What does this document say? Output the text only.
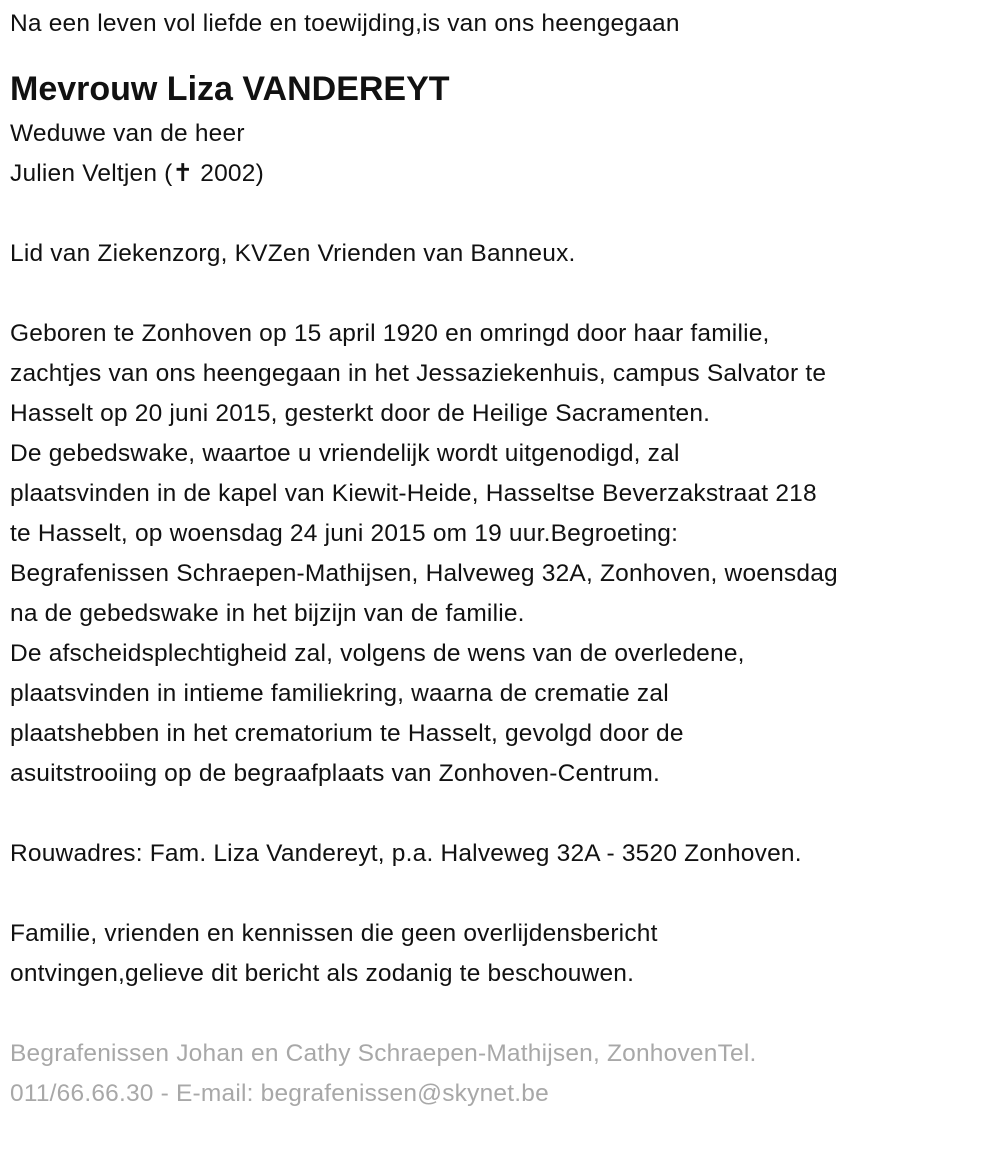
Na een leven vol liefde en toewijding,is van ons heengegaan
Mevrouw Liza VANDEREYT
Weduwe van de heer
Julien Veltjen (✝ 2002)
Lid van Ziekenzorg, KVZen Vrienden van Banneux.
Geboren te Zonhoven op 15 april 1920 en omringd door haar familie,
zachtjes van ons heengegaan in het Jessaziekenhuis, campus Salvator te
Hasselt op 20 juni 2015, gesterkt door de Heilige Sacramenten.
De gebedswake, waartoe u vriendelijk wordt uitgenodigd, zal
plaatsvinden in de kapel van Kiewit-Heide, Hasseltse Beverzakstraat 218
te Hasselt, op woensdag 24 juni 2015 om 19 uur.Begroeting:
Begrafenissen Schraepen-Mathijsen, Halveweg 32A, Zonhoven, woensdag
na de gebedswake in het bijzijn van de familie.
De afscheidsplechtigheid zal, volgens de wens van de overledene,
plaatsvinden in intieme familiekring, waarna de crematie zal
plaatshebben in het crematorium te Hasselt, gevolgd door de
asuitstrooiing op de begraafplaats van Zonhoven-Centrum.
Rouwadres: Fam. Liza Vandereyt, p.a. Halveweg 32A - 3520 Zonhoven.
Familie, vrienden en kennissen die geen overlijdensbericht
ontvingen,gelieve dit bericht als zodanig te beschouwen.
Begrafenissen Johan en Cathy Schraepen-Mathijsen, ZonhovenTel.
011/66.66.30 - E-mail: begrafenissen@skynet.be
